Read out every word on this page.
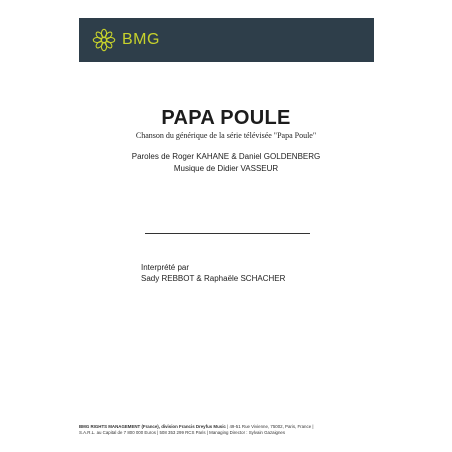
BMG
PAPA POULE
Chanson du générique de la série télévisée "Papa Poule"
Paroles de Roger KAHANE & Daniel GOLDENBERG
Musique de Didier VASSEUR
Interprété par
Sady REBBOT & Raphaële SCHACHER
BMG RIGHTS MANAGEMENT (France), division Francis Dreyfus Music | 49-51 Rue Vivienne, 75002, Paris, France |
S.A.R.L. au Capital de 7 800 000 Euros | 508 353 299 RCS Paris | Managing Director : Sylvain Gazaignes
